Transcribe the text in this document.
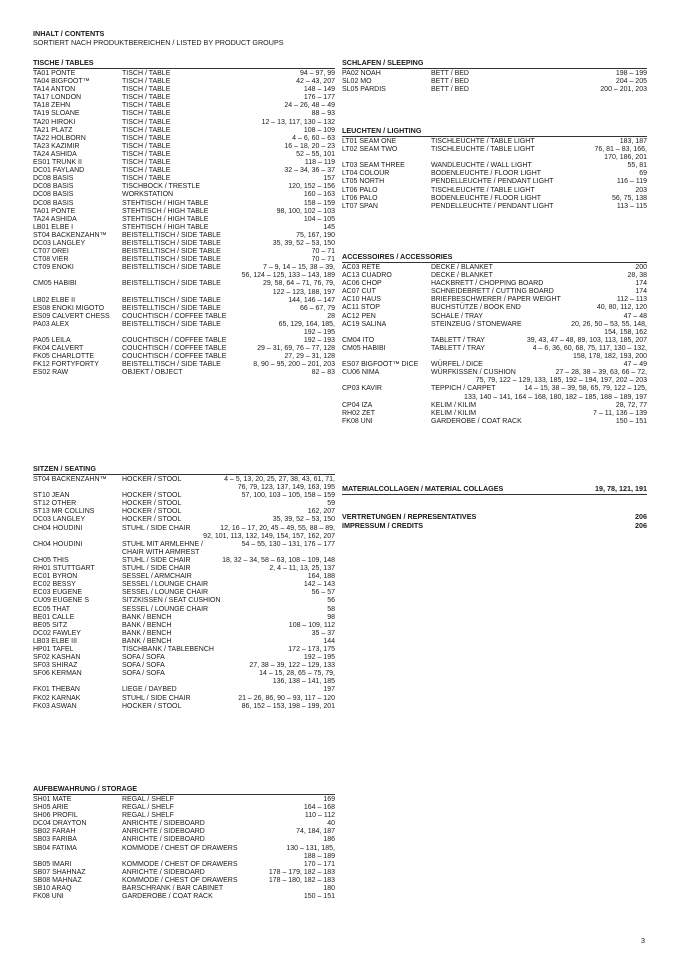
INHALT / CONTENTS
SORTIERT NACH PRODUKTBEREICHEN / LISTED BY PRODUCT GROUPS
TISCHE / TABLES
TA01 PONTE	TISCH / TABLE	94 – 97, 99
TA04 BIGFOOT™	TISCH / TABLE	42 – 43, 207
TA14 ANTON	TISCH / TABLE	148 – 149
TA17 LONDON	TISCH / TABLE	176 – 177
TA18 ZEHN	TISCH / TABLE	24 – 26, 48 – 49
TA19 SLOANE	TISCH / TABLE	88 – 93
TA20 HIROKI	TISCH / TABLE	12 – 13, 117, 130 – 132
TA21 PLATZ	TISCH / TABLE	108 – 109
TA22 HOLBORN	TISCH / TABLE	4 – 6, 60 – 63
TA23 KAZIMIR	TISCH / TABLE	16 – 18, 20 – 23
TA24 ASHIDA	TISCH / TABLE	52 – 55, 101
ES01 TRUNK II	TISCH / TABLE	118 – 119
DC01 FAYLAND	TISCH / TABLE	32 – 34, 36 – 37
DC08 BASIS	TISCH / TABLE	157
DC08 BASIS	TISCHBOCK / TRESTLE	120, 152 – 156
DC08 BASIS	WORKSTATION	160 – 163
DC08 BASIS	STEHTISCH / HIGH TABLE	158 – 159
TA01 PONTE	STEHTISCH / HIGH TABLE	98, 100, 102 – 103
TA24 ASHIDA	STEHTISCH / HIGH TABLE	104 – 105
LB01 ELBE I	STEHTISCH / HIGH TABLE	145
ST04 BACKENZAHN™	BEISTELLTISCH / SIDE TABLE	75, 167, 190
DC03 LANGLEY	BEISTELLTISCH / SIDE TABLE	35, 39, 52 – 53, 150
CT07 DREI	BEISTELLTISCH / SIDE TABLE	70 – 71
CT08 VIER	BEISTELLTISCH / SIDE TABLE	70 – 71
CT09 ENOKI	BEISTELLTISCH / SIDE TABLE	7 – 9, 14 – 15, 38 – 39,
56, 124 – 125, 133 – 143, 189
CM05 HABIBI	BEISTELLTISCH / SIDE TABLE	29, 58, 64 – 71, 76, 79,
122 – 123, 188, 197
LB02 ELBE II	BEISTELLTISCH / SIDE TABLE	144, 146 – 147
ES08 ENOKI MIGOTO	BEISTELLTISCH / SIDE TABLE	66 – 67, 79
ES09 CALVERT CHESS	COUCHTISCH / COFFEE TABLE	28
PA03 ALEX	BEISTELLTISCH / SIDE TABLE	65, 129, 164, 185,
192 – 195
PA05 LEILA	COUCHTISCH / COFFEE TABLE	192 – 193
FK04 CALVERT	COUCHTISCH / COFFEE TABLE	29 – 31, 69, 76 – 77, 128
FK05 CHARLOTTE	COUCHTISCH / COFFEE TABLE	27, 29 – 31, 128
FK12 FORTYFORTY	BEISTELLTISCH / SIDE TABLE	8, 90 – 95, 200 – 201, 203
ES02 RAW	OBJEKT / OBJECT	82 – 83
SITZEN / SEATING
ST04 BACKENZAHN™	HOCKER / STOOL	4 – 5, 13, 20, 25, 27, 38, 43, 61, 71,
76, 79, 123, 137, 149, 163, 195
ST10 JEAN	HOCKER / STOOL	57, 100, 103 – 105, 158 – 159
ST12 OTHER	HOCKER / STOOL	59
ST13 MR COLLINS	HOCKER / STOOL	162, 207
DC03 LANGLEY	HOCKER / STOOL	35, 39, 52 – 53, 150
CH04 HOUDINI	STUHL / SIDE CHAIR	12, 16 – 17, 20, 45 – 49, 55, 88 – 89,
92, 101, 113, 132, 149, 154, 157, 162, 207
CH04 HOUDINI	STUHL MIT ARMLEHNE /	54 – 55, 130 – 131, 176 – 177
CHAIR WITH ARMREST
CH05 THIS	STUHL / SIDE CHAIR	18, 32 – 34, 58 – 63, 108 – 109, 148
RH01 STUTTGART	STUHL / SIDE CHAIR	2, 4 – 11, 13, 25, 137
EC01 BYRON	SESSEL / ARMCHAIR	164, 188
EC02 BESSY	SESSEL / LOUNGE CHAIR	142 – 143
EC03 EUGENE	SESSEL / LOUNGE CHAIR	56 – 57
CU09 EUGENE S	SITZKISSEN / SEAT CUSHION	56
EC05 THAT	SESSEL / LOUNGE CHAIR	58
BE01 CALLE	BANK / BENCH	98
BE05 SITZ	BANK / BENCH	108 – 109, 112
DC02 FAWLEY	BANK / BENCH	35 – 37
LB03 ELBE III	BANK / BENCH	144
HP01 TAFEL	TISCHBANK / TABLEBENCH	172 – 173, 175
SF02 KASHAN	SOFA / SOFA	192 – 195
SF03 SHIRAZ	SOFA / SOFA	27, 38 – 39, 122 – 129, 133
SF06 KERMAN	SOFA / SOFA	14 – 15, 28, 65 – 75, 79,
136, 138 – 141, 185
FK01 THEBAN	LIEGE / DAYBED	197
FK02 KARNAK	STUHL / SIDE CHAIR	21 – 26, 86, 90 – 93, 117 – 120
FK03 ASWAN	HOCKER / STOOL	86, 152 – 153, 198 – 199, 201
AUFBEWAHRUNG / STORAGE
SH01 MATE	REGAL / SHELF	169
SH05 ARIE	REGAL / SHELF	164 – 168
SH06 PROFIL	REGAL / SHELF	110 – 112
DC04 DRAYTON	ANRICHTE / SIDEBOARD	40
SB02 FARAH	ANRICHTE / SIDEBOARD	74, 184, 187
SB03 FARIBA	ANRICHTE / SIDEBOARD	186
SB04 FATIMA	KOMMODE / CHEST OF DRAWERS	130 – 131, 185,
188 – 189
SB05 IMARI	KOMMODE / CHEST OF DRAWERS	170 – 171
SB07 SHAHNAZ	ANRICHTE / SIDEBOARD	178 – 179, 182 – 183
SB08 MAHNAZ	KOMMODE / CHEST OF DRAWERS	178 – 180, 182 – 183
SB10 ARAQ	BARSCHRANK / BAR CABINET	180
FK08 UNI	GARDEROBE / COAT RACK	150 – 151
SCHLAFEN / SLEEPING
PA02 NOAH	BETT / BED	198 – 199
SL02 MO	BETT / BED	204 – 205
SL05 PARDIS	BETT / BED	200 – 201, 203
LEUCHTEN / LIGHTING
LT01 SEAM ONE	TISCHLEUCHTE / TABLE LIGHT	183, 187
LT02 SEAM TWO	TISCHLEUCHTE / TABLE LIGHT	76, 81 – 83, 166,
170, 186, 201
LT03 SEAM THREE	WANDLEUCHTE / WALL LIGHT	55, 81
LT04 COLOUR	BODENLEUCHTE / FLOOR LIGHT	69
LT05 NORTH	PENDELLEUCHTE / PENDANT LIGHT	116 – 119
LT06 PALO	TISCHLEUCHTE / TABLE LIGHT	203
LT06 PALO	BODENLEUCHTE / FLOOR LIGHT	56, 75, 138
LT07 SPAN	PENDELLEUCHTE / PENDANT LIGHT	113 – 115
ACCESSOIRES / ACCESSORIES
AC03 RETE	DECKE / BLANKET	200
AC13 CUADRO	DECKE / BLANKET	28, 38
AC06 CHOP	HACKBRETT / CHOPPING BOARD	174
AC07 CUT	SCHNEIDEBRETT / CUTTING BOARD	174
AC10 HAUS	BRIEFBESCHWERER / PAPER WEIGHT	112 – 113
AC11 STOP	BUCHSTÜTZE / BOOK END	40, 80, 112, 120
AC12 PEN	SCHALE / TRAY	47 – 48
AC19 SALINA	STEINZEUG / STONEWARE	20, 26, 50 – 53, 55, 148,
154, 158, 162
CM04 ITO	TABLETT / TRAY	39, 43, 47 – 48, 89, 103, 113, 185, 207
CM05 HABIBI	TABLETT / TRAY	4 – 6, 36, 60, 68, 75, 117, 130 – 132,
158, 178, 182, 193, 200
ES07 BIGFOOT™ DICE	WÜRFEL / DICE	47 – 49
CU06 NIMA	WÜRFKISSEN / CUSHION	27 – 28, 38 – 39, 63, 66 – 72,
75, 79, 122 – 129, 133, 185, 192 – 194, 197, 202 – 203
CP03 KAVIR	TEPPICH / CARPET	14 – 15, 38 – 39, 58, 65, 79, 122 – 125,
133, 140 – 141, 164 – 168, 180, 182 – 185, 188 – 189, 197
CP04 IZA	KELIM / KILIM	28, 72, 77
RH02 ZET	KELIM / KILIM	7 – 11, 136 – 139
FK08 UNI	GARDEROBE / COAT RACK	150 – 151
MATERIALCOLLAGEN / MATERIAL COLLAGES	19, 78, 121, 191
VERTRETUNGEN / REPRESENTATIVES	206
IMPRESSUM / CREDITS	206
3
